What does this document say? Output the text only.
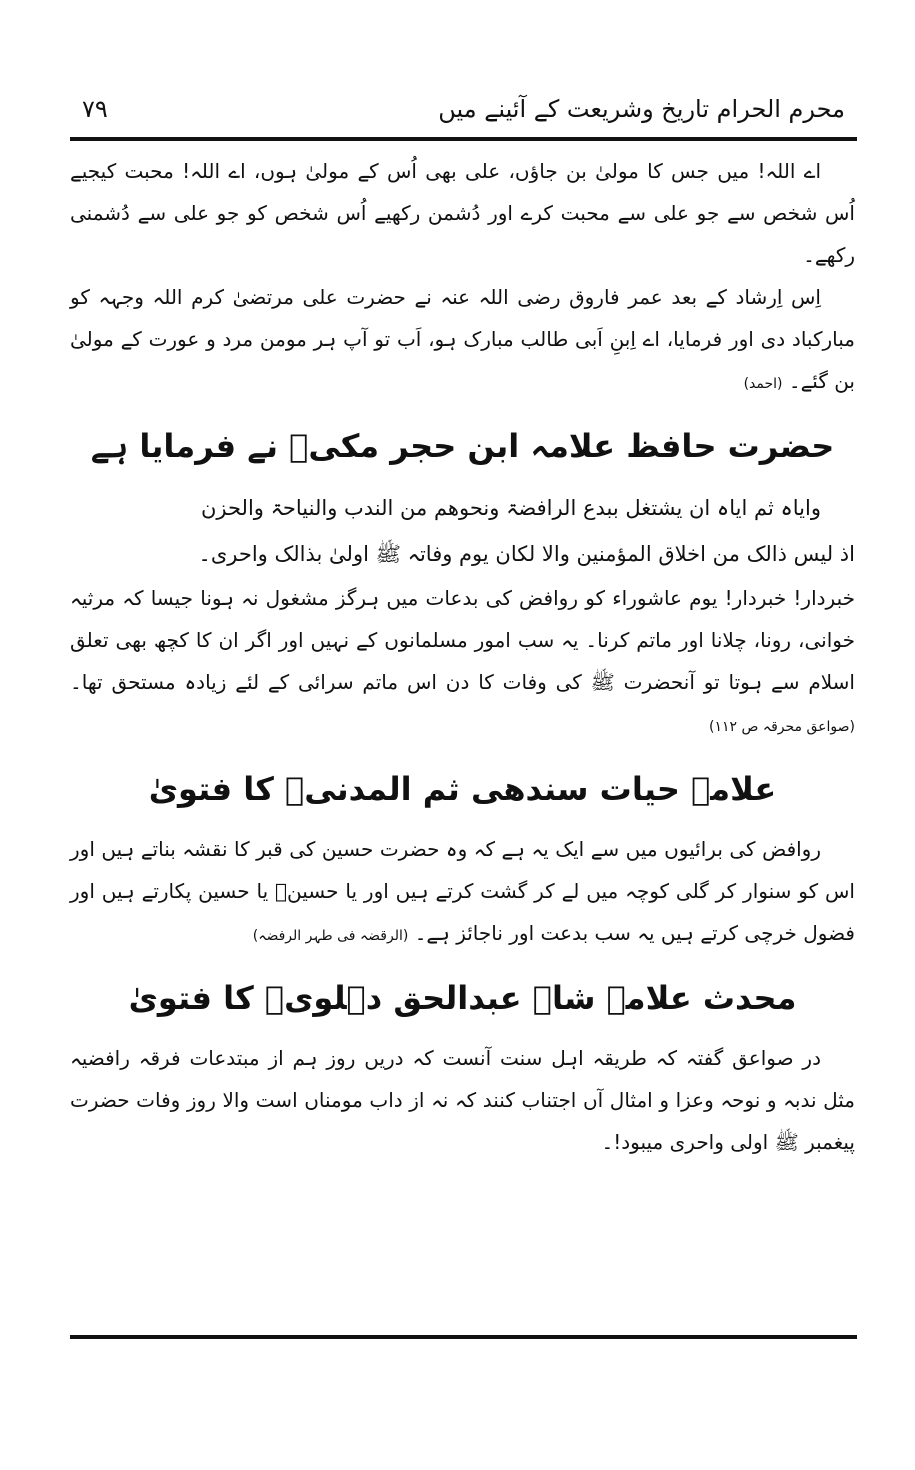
محرم الحرام تاریخ وشریعت کے آئینے میں
۷۹

اے اللہ! میں جس کا مولیٰ بن جاؤں، علی بھی اُس کے مولیٰ ہوں، اے اللہ! محبت کیجیے اُس شخص سے جو علی سے محبت کرے اور دُشمن رکھیے اُس شخص کو جو علی سے دُشمنی رکھے۔

اِس اِرشاد کے بعد عمر فاروق رضی اللہ عنہ نے حضرت علی مرتضیٰ کرم اللہ وجہہ کو مبارکباد دی اور فرمایا، اے اِبنِ اَبی طالب مبارک ہو، اَب تو آپ ہر مومن مرد و عورت کے مولیٰ بن گئے۔ (احمد)

حضرت حافظ علامہ ابن حجر مکیؒ نے فرمایا ہے

وایاہ ثم ایاہ ان یشتغل ببدع الرافضۃ ونحوھم من الندب والنیاحۃ والحزن

اذ لیس ذالک من اخلاق المؤمنین والا لکان یوم وفاتہ ﷺ اولیٰ بذالک واحری۔

خبردار! خبردار! یوم عاشوراء کو روافض کی بدعات میں ہرگز مشغول نہ ہونا جیسا کہ مرثیہ خوانی، رونا، چلانا اور ماتم کرنا۔ یہ سب امور مسلمانوں کے نہیں اور اگر ان کا کچھ بھی تعلق اسلام سے ہوتا تو آنحضرت ﷺ کی وفات کا دن اس ماتم سرائی کے لئے زیادہ مستحق تھا۔ (صواعق محرقہ ص ۱۱۲)

علامہ حیات سندھی ثم المدنیؒ کا فتویٰ

روافض کی برائیوں میں سے ایک یہ ہے کہ وہ حضرت حسین کی قبر کا نقشہ بناتے ہیں اور اس کو سنوار کر گلی کوچہ میں لے کر گشت کرتے ہیں اور یا حسینؓ یا حسین پکارتے ہیں اور فضول خرچی کرتے ہیں یہ سب بدعت اور ناجائز ہے۔ (الرقضہ فی طہر الرفضہ)

محدث علامہ شاہ عبدالحق دہلویؒ کا فتویٰ

در صواعق گفتہ کہ طریقہ اہل سنت آنست کہ دریں روز ہم از مبتدعات فرقہ رافضیہ مثل ندبہ و نوحہ وعزا و امثال آں اجتناب کنند کہ نہ از داب مومناں است والا روز وفات حضرت پیغمبر ﷺ اولی واحری میبود!۔
